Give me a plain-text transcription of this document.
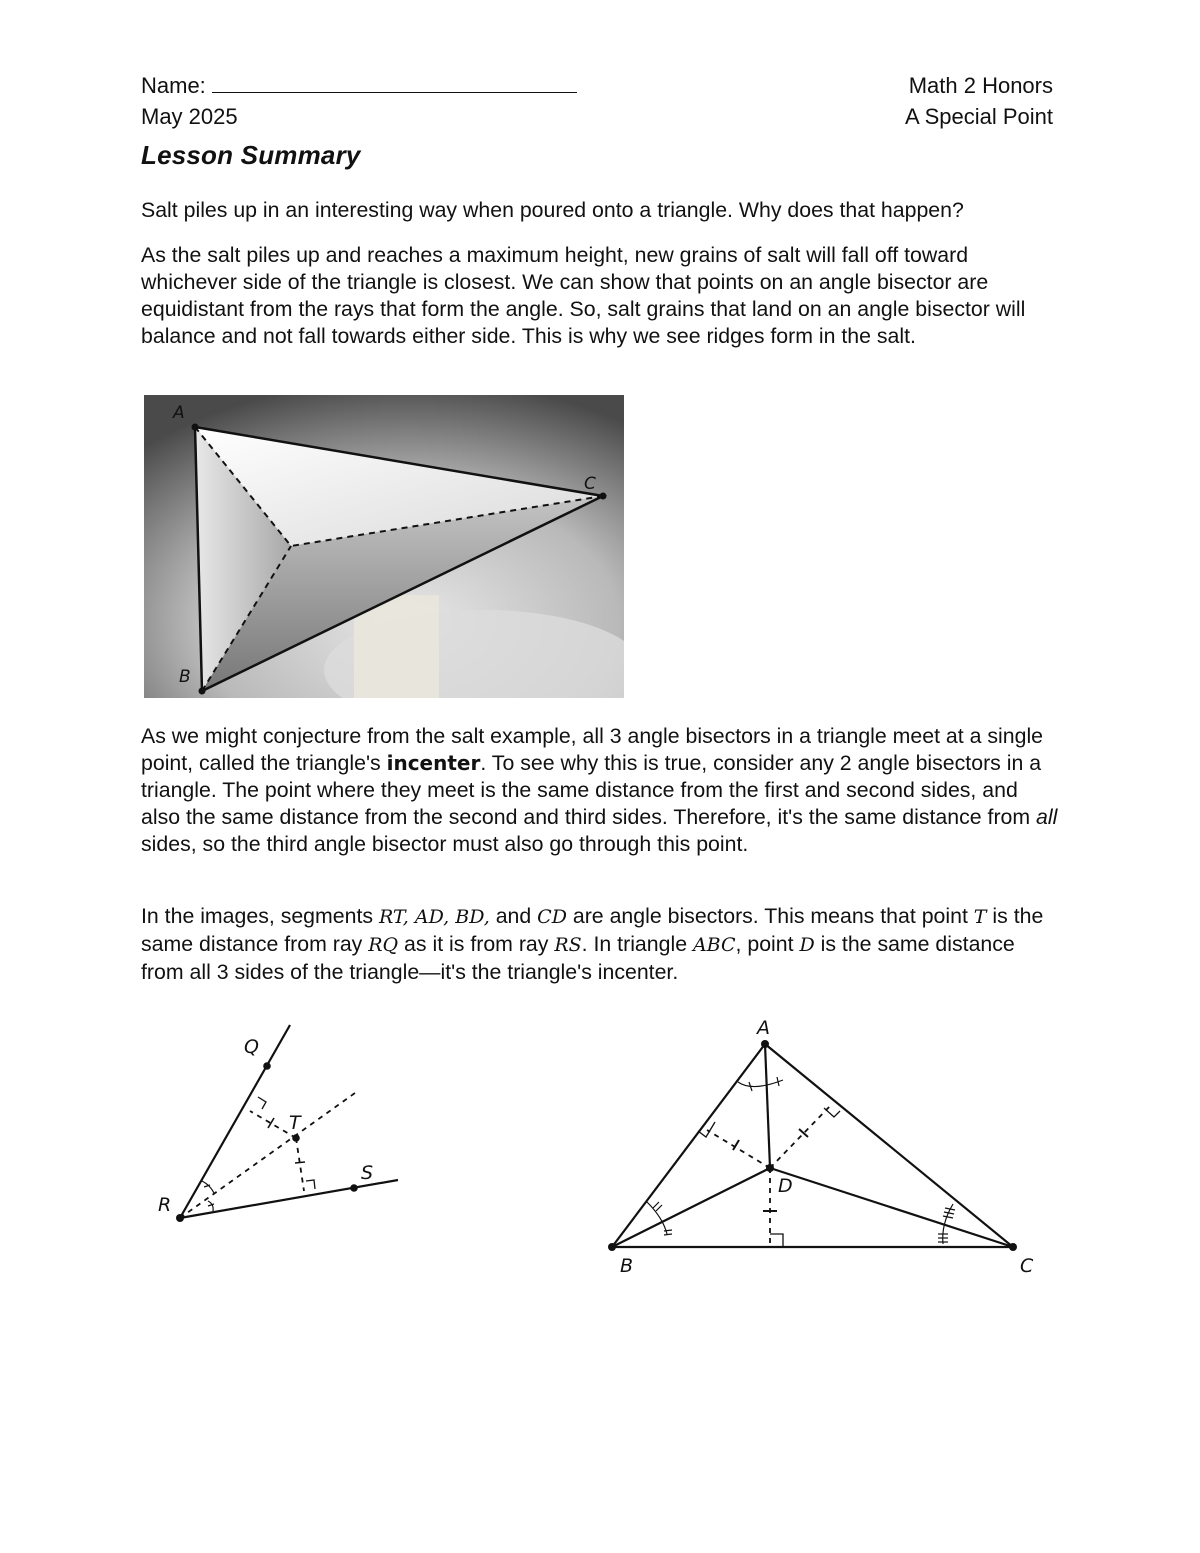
Name:	Math 2 Honors
May 2025	A Special Point
Lesson Summary

Salt piles up in an interesting way when poured onto a triangle. Why does that happen?

As the salt piles up and reaches a maximum height, new grains of salt will fall off toward whichever side of the triangle is closest. We can show that points on an angle bisector are equidistant from the rays that form the angle. So, salt grains that land on an angle bisector will balance and not fall towards either side. This is why we see ridges form in the salt.

A
C
B

As we might conjecture from the salt example, all 3 angle bisectors in a triangle meet at a single point, called the triangle's incenter. To see why this is true, consider any 2 angle bisectors in a triangle. The point where they meet is the same distance from the first and second sides, and also the same distance from the second and third sides. Therefore, it's the same distance from all sides, so the third angle bisector must also go through this point.

In the images, segments RT, AD, BD, and CD are angle bisectors. This means that point T is the same distance from ray RQ as it is from ray RS. In triangle ABC, point D is the same distance from all 3 sides of the triangle—it's the triangle's incenter.

Q
T
R
S
A
B	C
D
